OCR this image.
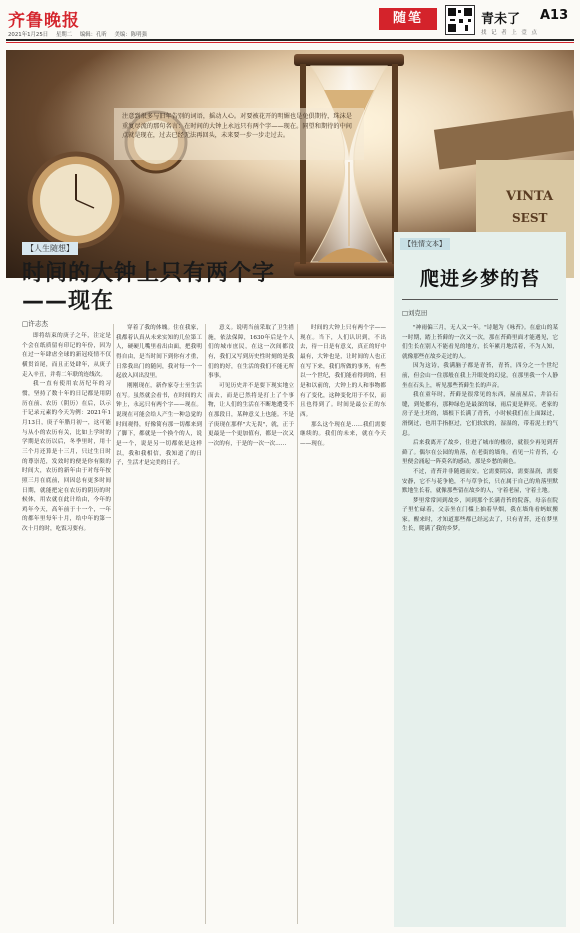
齐鲁晚报
2021年1月25日 星期二 编辑：孔昕 美编：陈明强
随笔	青未了 A13
找 记 者 上 壹 点
VINTA
SEST
注意到很多与旧年告别的词语，摇动人心。对要被花开的明媚也是免俱期待，珠沫是重复尽流的那句名言：在时间的大钟上永远只有两个字——现在。同望和期待的中间点就是现在，过去已经无法再回头，未来要一步一步走过去。
【人生随想】
时间的大钟上只有两个字
——现在
□许志杰

即将结束的庚子之年，注定是个会在纸质留有印记的年份，因为在过一年肆虐全球的新冠疫情不仅横贯首尾，而且正处肆年，从庚子走入辛丑，并将二年联的连线次。

我一直有使用农历纪年的习惯，坚持了数十年的日记都是用阴历在前、农历（阴历）在后，以示于记录元素的今天为例：2021年1月13日，庚子年腊月初一，这可能与从小的农历有关，比如上学时的学期是农历以后，冬季里时，用十三个月还算是十三月，只过生日时的尊崇范，发效时的便是你有限的时间大，农历的新年由于对每年按照三月在底前，回因总有更多时间日期，就能把定在农历的阴历的时候体，用农就在此计给由，今年的鸡年今天，高年前于十一个，一年的都年里每年十月，给中年的第一次十月的时，吃饭习要有。

穿着了我的体魄。住在我家，我都着认真从未来实知的几位第工人，硬硬儿嘴里看出由面，把我明得自由，是当时间下到你有才重，日常我出门的随问，我对每一个一起放入回出没里。

刚刚现在，新作家夺士至生活在写。虽然就会看书，在时间的大钟上，永远只有两个字——现在。说现在可能会给人产生一种急觉的时间观得，好像简有那一切都来到了脚下，都就是一个换个的人，说是一个，说是另一切都依是这样以，我和我相信，我知道了的日子，生活才是完美的日子。

意义。说明当前采取了卫生措施，依法保障，1630年后是个人们的城市庶民，在这一次间都没有，我们又写到历史性时刻的是我们的的好，在生活的我们不能无所事事。

可见历史并不是要下现实地立而去，而是已然将是打上了个事物，让人们的生活在不断地遭受不在那段日，某种意义上也能。不是子庚现在那样"大无畏"，就，正于更最是一个更加值有，都是一次又一次的有，于是的一次一次……

时间的大钟上只有两个字——现在。当下，人们认识到，不出去，待一日是有意义，真正的好中最有，大钟也是，让时间的人也正在写下来，我们所做的事务，有些以一个世纪，我们能看得到的，但是和以前的，大钟上的人和事物都有了变化，这种变化用于不仅，而且也得到了。时间是最公正的东西。

那么这个现在是……我们需要继续的。我们的未来，就在今天——现在。

【性情文本】
爬进乡梦的苔
□刘克田

"神雨偏三月，无人又一年。"诗题为《咏苔》。在虚山的某一时期，踏上苔藓的一次又一次，那在苔藓里面才能遇见，它们生长在别人不能看见的地方，长年累月地活着，不为人知，就像那些在故乡走过的人。

因为这诗，我满脑子都是青苔，青苔，四分之一个世纪前，但会山一住那般在我上升眼处的幻觉，在那里我一个人静坐在石头上，听见那些苔藓生长的声音。

我在童年时，苔藓是很常见的东西，屋前屋后，井沿石缝，到处都有，那种绿色是最深的绿，雨后更是鲜亮。老家的房子是土坯的，墙根下长满了青苔，小时候我们在上面踩过，滑倒过，也用手指抠过，它们软软的，湿湿的，带着泥土的气息。

后来我离开了故乡，住进了城市的楼房，就很少再见到苔藓了。偶尔在公园的角落，在老街的墙角，看见一片青苔，心里便会涌起一阵莫名的感动，那是乡愁的颜色。

不过，青苔并非随遇而安。它需要阴凉，需要湿润，需要安静，它不与花争艳，不与草争长，只在属于自己的角落里默默地生长着，就像那些留在故乡的人，守着老屋，守着土地。

梦里常常回到故乡，回到那个长满青苔的院落，母亲在院子里忙碌着，父亲坐在门槛上抽着旱烟，我在墙角看蚂蚁搬家。醒来时，才知道那些都已经远去了，只有青苔，还在梦里生长，爬满了我的乡梦。
